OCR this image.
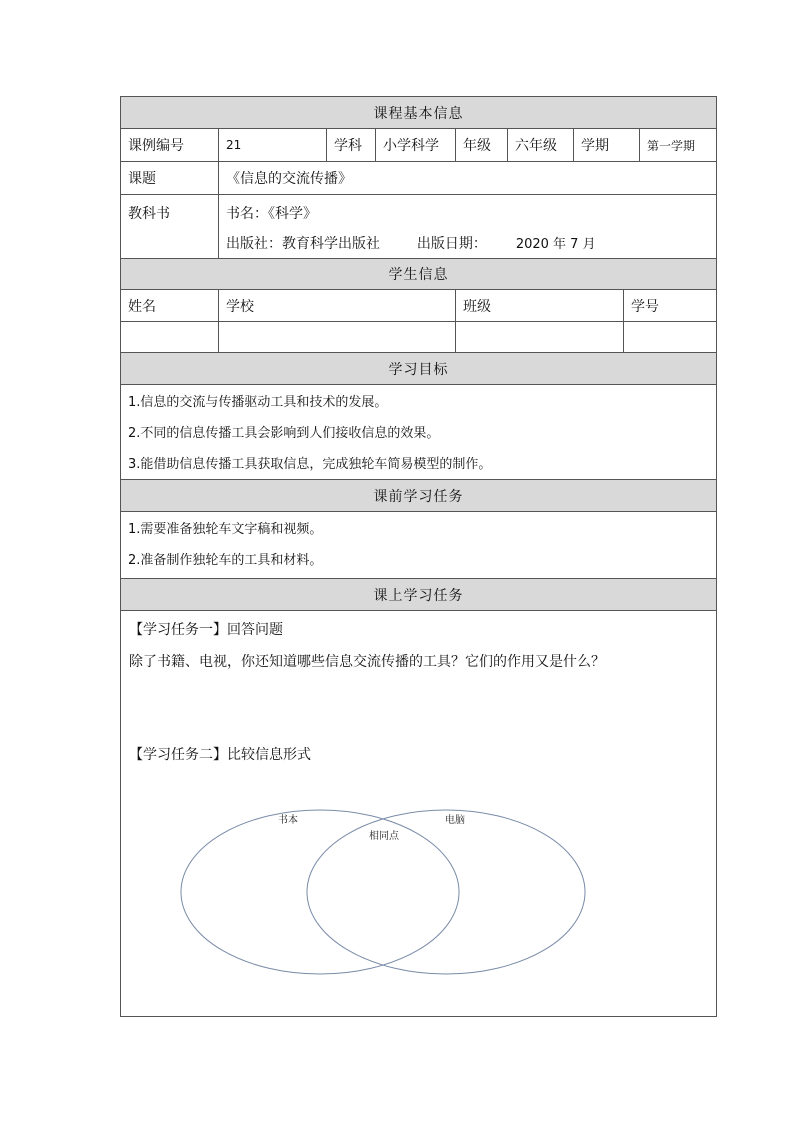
课程基本信息
课例编号	21	学科	小学科学	年级	六年级	学期	第一学期
课题	《信息的交流传播》
教科书	书名：《科学》
出版社：教育科学出版社	出版日期： 2020 年 7 月
学生信息
姓名	学校	班级	学号
学习目标
1.信息的交流与传播驱动工具和技术的发展。
2.不同的信息传播工具会影响到人们接收信息的效果。
3.能借助信息传播工具获取信息，完成独轮车简易模型的制作。
课前学习任务
1.需要准备独轮车文字稿和视频。
2.准备制作独轮车的工具和材料。
课上学习任务
【学习任务一】回答问题
除了书籍、电视，你还知道哪些信息交流传播的工具？它们的作用又是什么？
【学习任务二】比较信息形式
书本	电脑
相同点
